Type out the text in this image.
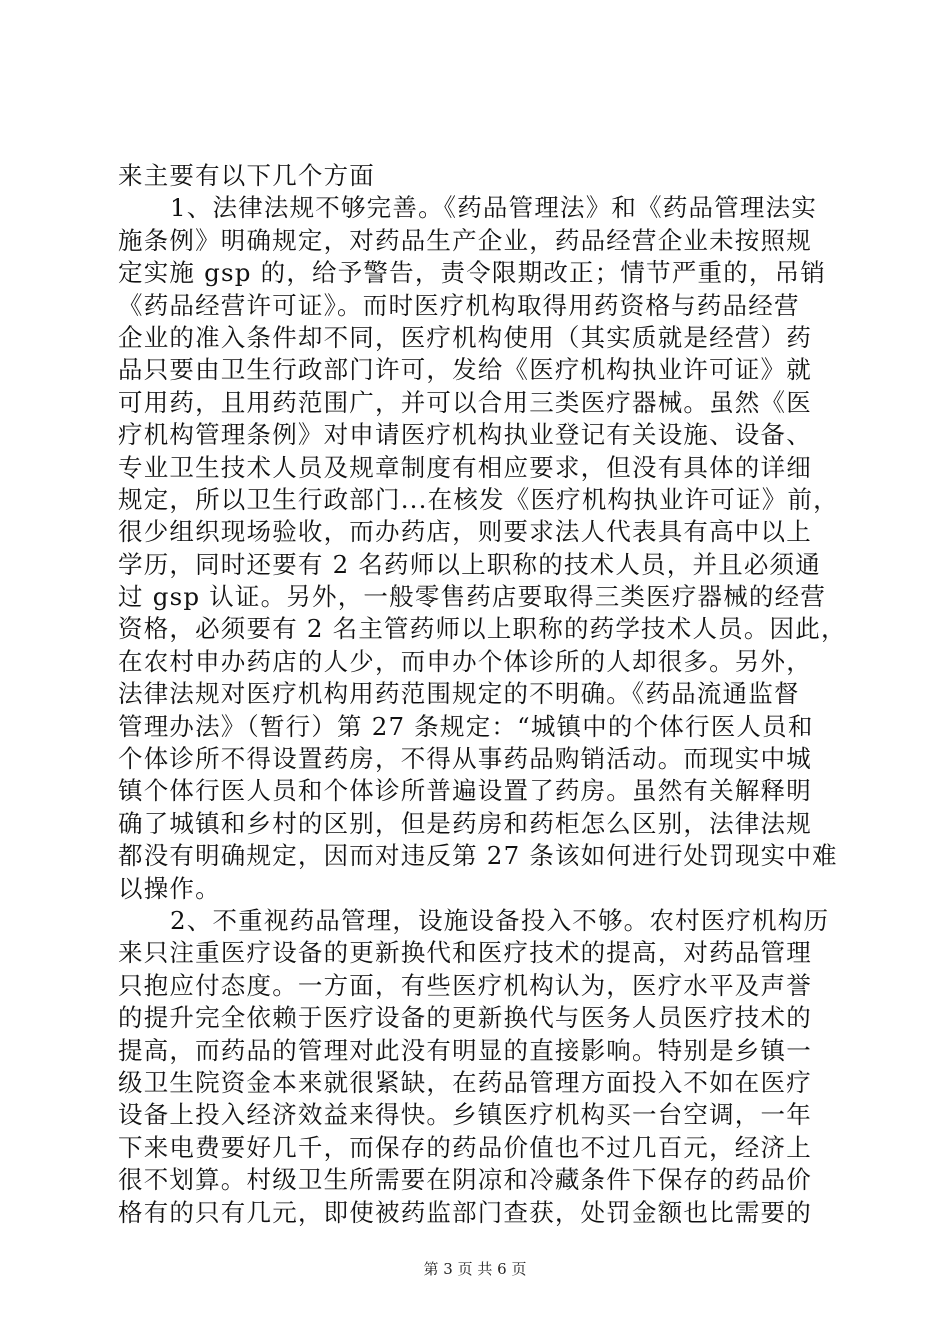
来主要有以下几个方面
1、法律法规不够完善。《药品管理法》和《药品管理法实
施条例》明确规定，对药品生产企业，药品经营企业未按照规
定实施 gsp 的，给予警告，责令限期改正；情节严重的，吊销
《药品经营许可证》。而时医疗机构取得用药资格与药品经营
企业的准入条件却不同，医疗机构使用（其实质就是经营）药
品只要由卫生行政部门许可，发给《医疗机构执业许可证》就
可用药，且用药范围广，并可以合用三类医疗器械。虽然《医
疗机构管理条例》对申请医疗机构执业登记有关设施、设备、
专业卫生技术人员及规章制度有相应要求，但没有具体的详细
规定，所以卫生行政部门...在核发《医疗机构执业许可证》前，
很少组织现场验收，而办药店，则要求法人代表具有高中以上
学历，同时还要有 2 名药师以上职称的技术人员，并且必须通
过 gsp 认证。另外，一般零售药店要取得三类医疗器械的经营
资格，必须要有 2 名主管药师以上职称的药学技术人员。因此，
在农村申办药店的人少，而申办个体诊所的人却很多。另外，
法律法规对医疗机构用药范围规定的不明确。《药品流通监督
管理办法》（暂行）第 27 条规定：“城镇中的个体行医人员和
个体诊所不得设置药房，不得从事药品购销活动。而现实中城
镇个体行医人员和个体诊所普遍设置了药房。虽然有关解释明
确了城镇和乡村的区别，但是药房和药柜怎么区别，法律法规
都没有明确规定，因而对违反第 27 条该如何进行处罚现实中难
以操作。
2、不重视药品管理，设施设备投入不够。农村医疗机构历
来只注重医疗设备的更新换代和医疗技术的提高，对药品管理
只抱应付态度。一方面，有些医疗机构认为，医疗水平及声誉
的提升完全依赖于医疗设备的更新换代与医务人员医疗技术的
提高，而药品的管理对此没有明显的直接影响。特别是乡镇一
级卫生院资金本来就很紧缺，在药品管理方面投入不如在医疗
设备上投入经济效益来得快。乡镇医疗机构买一台空调，一年
下来电费要好几千，而保存的药品价值也不过几百元，经济上
很不划算。村级卫生所需要在阴凉和冷藏条件下保存的药品价
格有的只有几元，即使被药监部门查获，处罚金额也比需要的
第 3 页 共 6 页
